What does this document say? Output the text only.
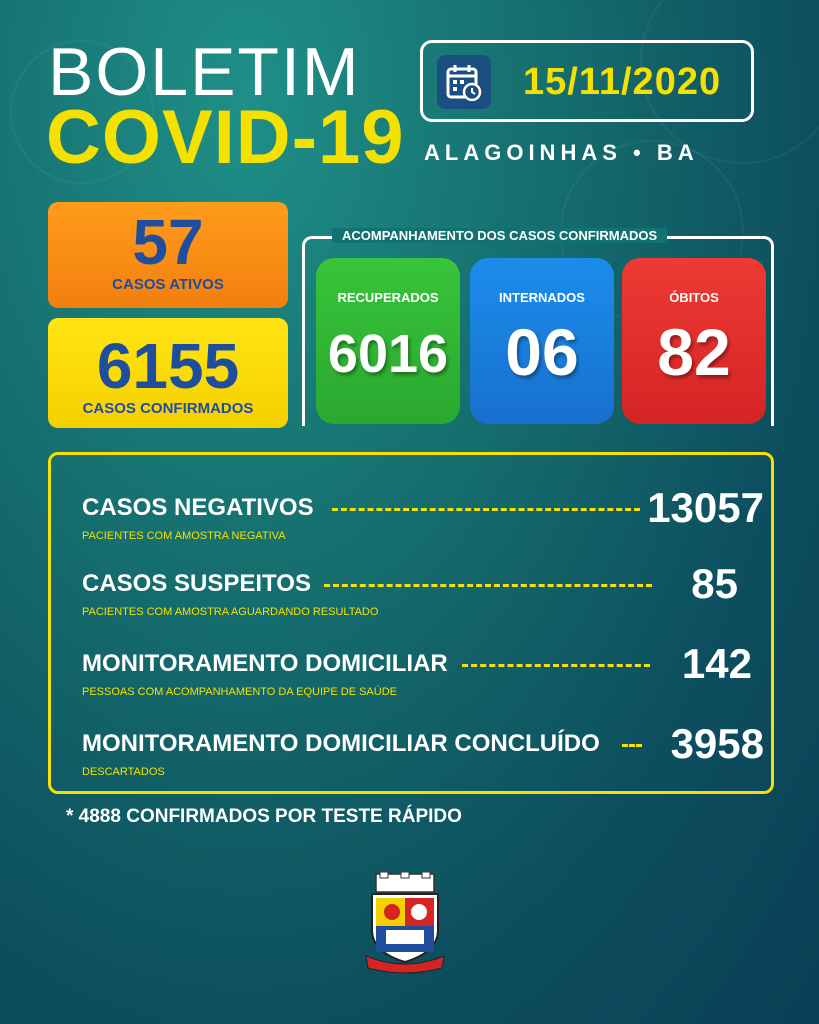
BOLETIM
COVID-19
15/11/2020
ALAGOINHAS • BA
57
CASOS ATIVOS
6155
CASOS CONFIRMADOS
ACOMPANHAMENTO DOS CASOS CONFIRMADOS
RECUPERADOS
6016
INTERNADOS
06
ÓBITOS
82
CASOS NEGATIVOS	13057
PACIENTES COM AMOSTRA NEGATIVA
CASOS SUSPEITOS	85
PACIENTES COM AMOSTRA AGUARDANDO RESULTADO
MONITORAMENTO DOMICILIAR	142
PESSOAS COM ACOMPANHAMENTO DA EQUIPE DE SAÚDE
MONITORAMENTO DOMICILIAR CONCLUÍDO 3958
DESCARTADOS
* 4888 CONFIRMADOS POR TESTE RÁPIDO
